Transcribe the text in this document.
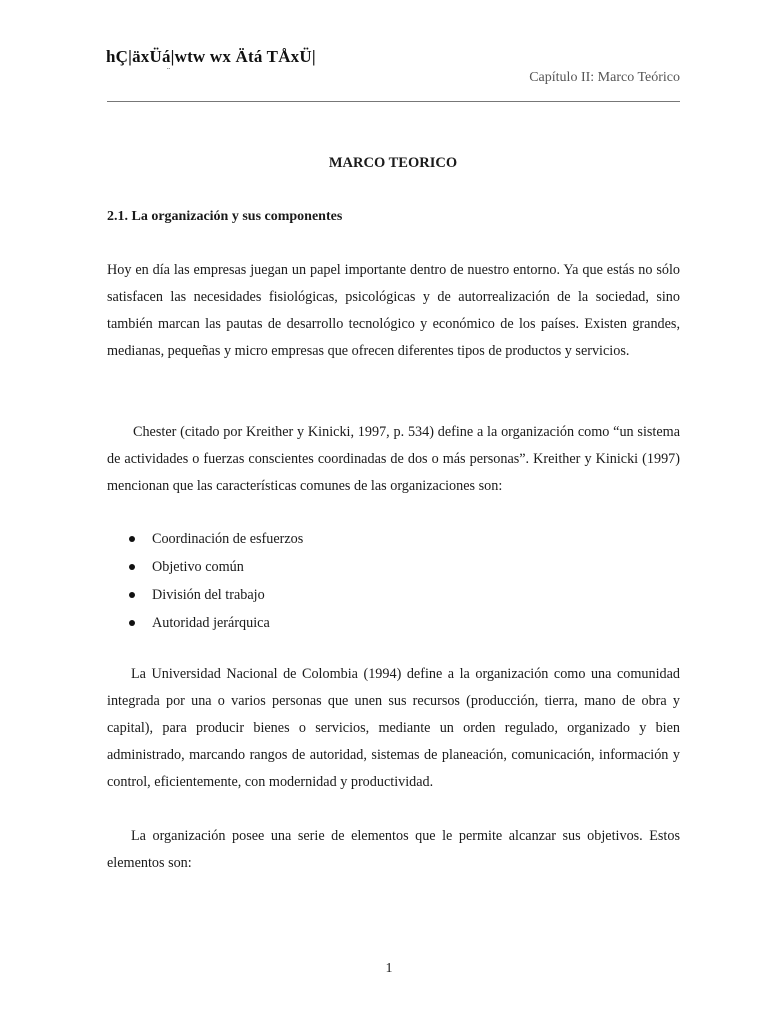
hÇ|äxÜá|wtw wx Ätá TÅxÜ|
¨	Capítulo II: Marco Teórico
MARCO TEORICO
2.1. La organización y sus componentes

Hoy en día las empresas juegan un papel importante dentro de nuestro entorno. Ya que estás no sólo satisfacen las necesidades fisiológicas, psicológicas y de autorrealización de la sociedad, sino también marcan las pautas de desarrollo tecnológico y económico de los países. Existen grandes, medianas, pequeñas y micro empresas que ofrecen diferentes tipos de productos y servicios.

Chester (citado por Kreither y Kinicki, 1997, p. 534) define a la organización como “un sistema de actividades o fuerzas conscientes coordinadas de dos o más personas”. Kreither y Kinicki (1997) mencionan que las características comunes de las organizaciones son:

Coordinación de esfuerzos
Objetivo común
División del trabajo
Autoridad jerárquica

La Universidad Nacional de Colombia (1994) define a la organización como una comunidad integrada por una o varios personas que unen sus recursos (producción, tierra, mano de obra y capital), para producir bienes o servicios, mediante un orden regulado, organizado y bien administrado, marcando rangos de autoridad, sistemas de planeación, comunicación, información y control, eficientemente, con modernidad y productividad.

La organización posee una serie de elementos que le permite alcanzar sus objetivos. Estos elementos son:

1
